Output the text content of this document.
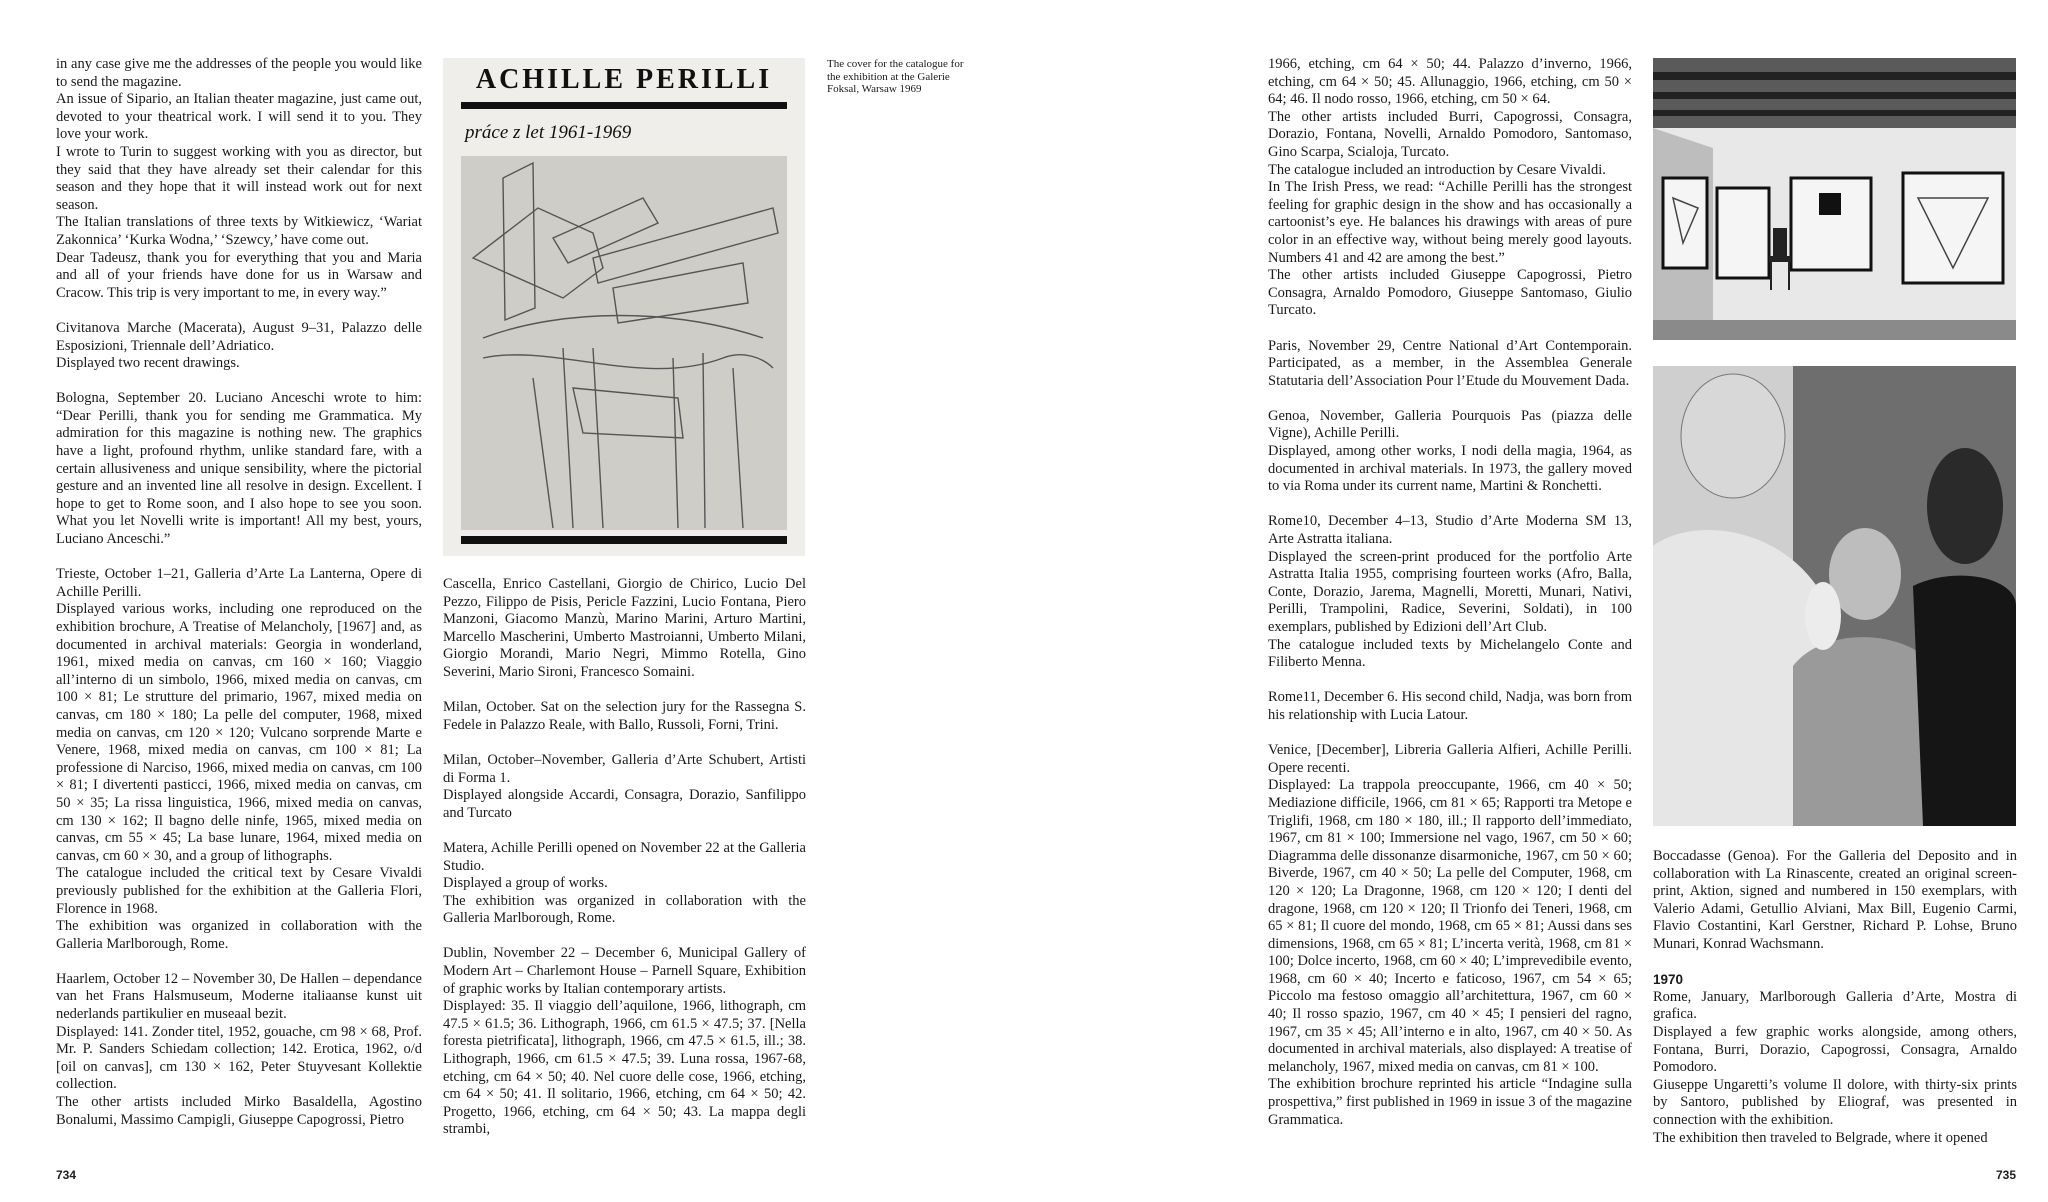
in any case give me the addresses of the people you would like to send the magazine.

An issue of Sipario, an Italian theater magazine, just came out, devoted to your theatrical work. I will send it to you. They love your work.

I wrote to Turin to suggest working with you as director, but they said that they have already set their calendar for this season and they hope that it will instead work out for next season.

The Italian translations of three texts by Witkiewicz, ‘Wariat Zakonnica’ ‘Kurka Wodna,’ ‘Szewcy,’ have come out.

Dear Tadeusz, thank you for everything that you and Maria and all of your friends have done for us in Warsaw and Cracow. This trip is very important to me, in every way.”

Civitanova Marche (Macerata), August 9–31, Palazzo delle Esposizioni, Triennale dell’Adriatico.

Displayed two recent drawings.

Bologna, September 20. Luciano Anceschi wrote to him: “Dear Perilli, thank you for sending me Grammatica. My admiration for this magazine is nothing new. The graphics have a light, profound rhythm, unlike standard fare, with a certain allusiveness and unique sensibility, where the pictorial gesture and an invented line all resolve in design. Excellent. I hope to get to Rome soon, and I also hope to see you soon. What you let Novelli write is important! All my best, yours, Luciano Anceschi.”

Trieste, October 1–21, Galleria d’Arte La Lanterna, Opere di Achille Perilli.

Displayed various works, including one reproduced on the exhibition brochure, A Treatise of Melancholy, [1967] and, as documented in archival materials: Georgia in wonderland, 1961, mixed media on canvas, cm 160 × 160; Viaggio all’interno di un simbolo, 1966, mixed media on canvas, cm 100 × 81; Le strutture del primario, 1967, mixed media on canvas, cm 180 × 180; La pelle del computer, 1968, mixed media on canvas, cm 120 × 120; Vulcano sorprende Marte e Venere, 1968, mixed media on canvas, cm 100 × 81; La professione di Narciso, 1966, mixed media on canvas, cm 100 × 81; I divertenti pasticci, 1966, mixed media on canvas, cm 50 × 35; La rissa linguistica, 1966, mixed media on canvas, cm 130 × 162; Il bagno delle ninfe, 1965, mixed media on canvas, cm 55 × 45; La base lunare, 1964, mixed media on canvas, cm 60 × 30, and a group of lithographs.

The catalogue included the critical text by Cesare Vivaldi previously published for the exhibition at the Galleria Flori, Florence in 1968.

The exhibition was organized in collaboration with the Galleria Marlborough, Rome.

Haarlem, October 12 – November 30, De Hallen – dependance van het Frans Halsmuseum, Moderne italiaanse kunst uit nederlands partikulier en museaal bezit.

Displayed: 141. Zonder titel, 1952, gouache, cm 98 × 68, Prof. Mr. P. Sanders Schiedam collection; 142. Erotica, 1962, o/d [oil on canvas], cm 130 × 162, Peter Stuyvesant Kollektie collection.

The other artists included Mirko Basaldella, Agostino Bonalumi, Massimo Campigli, Giuseppe Capogrossi, Pietro

ACHILLE PERILLI
práce z let 1961-1969

Cascella, Enrico Castellani, Giorgio de Chirico, Lucio Del Pezzo, Filippo de Pisis, Pericle Fazzini, Lucio Fontana, Piero Manzoni, Giacomo Manzù, Marino Marini, Arturo Martini, Marcello Mascherini, Umberto Mastroianni, Umberto Milani, Giorgio Morandi, Mario Negri, Mimmo Rotella, Gino Severini, Mario Sironi, Francesco Somaini.

Milan, October. Sat on the selection jury for the Rassegna S. Fedele in Palazzo Reale, with Ballo, Russoli, Forni, Trini.

Milan, October–November, Galleria d’Arte Schubert, Artisti di Forma 1.

Displayed alongside Accardi, Consagra, Dorazio, Sanfilippo and Turcato

Matera, Achille Perilli opened on November 22 at the Galleria Studio.

Displayed a group of works.

The exhibition was organized in collaboration with the Galleria Marlborough, Rome.

Dublin, November 22 – December 6, Municipal Gallery of Modern Art – Charlemont House – Parnell Square, Exhibition of graphic works by Italian contemporary artists.

Displayed: 35. Il viaggio dell’aquilone, 1966, lithograph, cm 47.5 × 61.5; 36. Lithograph, 1966, cm 61.5 × 47.5; 37. [Nella foresta pietrificata], lithograph, 1966, cm 47.5 × 61.5, ill.; 38. Lithograph, 1966, cm 61.5 × 47.5; 39. Luna rossa, 1967-68, etching, cm 64 × 50; 40. Nel cuore delle cose, 1966, etching, cm 64 × 50; 41. Il solitario, 1966, etching, cm 64 × 50; 42. Progetto, 1966, etching, cm 64 × 50; 43. La mappa degli strambi,

The cover for the catalogue for the exhibition at the Galerie Foksal, Warsaw 1969
734

1966, etching, cm 64 × 50; 44. Palazzo d’inverno, 1966, etching, cm 64 × 50; 45. Allunaggio, 1966, etching, cm 50 × 64; 46. Il nodo rosso, 1966, etching, cm 50 × 64.

The other artists included Burri, Capogrossi, Consagra, Dorazio, Fontana, Novelli, Arnaldo Pomodoro, Santomaso, Gino Scarpa, Scialoja, Turcato.

The catalogue included an introduction by Cesare Vivaldi.

In The Irish Press, we read: “Achille Perilli has the strongest feeling for graphic design in the show and has occasionally a cartoonist’s eye. He balances his drawings with areas of pure color in an effective way, without being merely good layouts. Numbers 41 and 42 are among the best.”

The other artists included Giuseppe Capogrossi, Pietro Consagra, Arnaldo Pomodoro, Giuseppe Santomaso, Giulio Turcato.

Paris, November 29, Centre National d’Art Contemporain. Participated, as a member, in the Assemblea Generale Statutaria dell’Association Pour l’Etude du Mouvement Dada.

Genoa, November, Galleria Pourquois Pas (piazza delle Vigne), Achille Perilli.

Displayed, among other works, I nodi della magia, 1964, as documented in archival materials. In 1973, the gallery moved to via Roma under its current name, Martini & Ronchetti.

Rome10, December 4–13, Studio d’Arte Moderna SM 13, Arte Astratta italiana.

Displayed the screen-print produced for the portfolio Arte Astratta Italia 1955, comprising fourteen works (Afro, Balla, Conte, Dorazio, Jarema, Magnelli, Moretti, Munari, Nativi, Perilli, Trampolini, Radice, Severini, Soldati), in 100 exemplars, published by Edizioni dell’Art Club.

The catalogue included texts by Michelangelo Conte and Filiberto Menna.

Rome11, December 6. His second child, Nadja, was born from his relationship with Lucia Latour.

Venice, [December], Libreria Galleria Alfieri, Achille Perilli. Opere recenti.

Displayed: La trappola preoccupante, 1966, cm 40 × 50; Mediazione difficile, 1966, cm 81 × 65; Rapporti tra Metope e Triglifi, 1968, cm 180 × 180, ill.; Il rapporto dell’immediato, 1967, cm 81 × 100; Immersione nel vago, 1967, cm 50 × 60; Diagramma delle dissonanze disarmoniche, 1967, cm 50 × 60; Biverde, 1967, cm 40 × 50; La pelle del Computer, 1968, cm 120 × 120; La Dragonne, 1968, cm 120 × 120; I denti del dragone, 1968, cm 120 × 120; Il Trionfo dei Teneri, 1968, cm 65 × 81; Il cuore del mondo, 1968, cm 65 × 81; Aussi dans ses dimensions, 1968, cm 65 × 81; L’incerta verità, 1968, cm 81 × 100; Dolce incerto, 1968, cm 60 × 40; L’imprevedibile evento, 1968, cm 60 × 40; Incerto e faticoso, 1967, cm 54 × 65; Piccolo ma festoso omaggio all’architettura, 1967, cm 60 × 40; Il rosso spazio, 1967, cm 40 × 45; I pensieri del ragno, 1967, cm 35 × 45; All’interno e in alto, 1967, cm 40 × 50. As documented in archival materials, also displayed: A treatise of melancholy, 1967, mixed media on canvas, cm 81 × 100.

The exhibition brochure reprinted his article “Indagine sulla prospettiva,” first published in 1969 in issue 3 of the magazine Grammatica.

Boccadasse (Genoa). For the Galleria del Deposito and in collaboration with La Rinascente, created an original screen-print, Aktion, signed and numbered in 150 exemplars, with Valerio Adami, Getullio Alviani, Max Bill, Eugenio Carmi, Flavio Costantini, Karl Gerstner, Richard P. Lohse, Bruno Munari, Konrad Wachsmann.

1970

Rome, January, Marlborough Galleria d’Arte, Mostra di grafica.

Displayed a few graphic works alongside, among others, Fontana, Burri, Dorazio, Capogrossi, Consagra, Arnaldo Pomodoro.

Giuseppe Ungaretti’s volume Il dolore, with thirty-six prints by Santoro, published by Eliograf, was presented in connection with the exhibition.

The exhibition then traveled to Belgrade, where it opened

735
